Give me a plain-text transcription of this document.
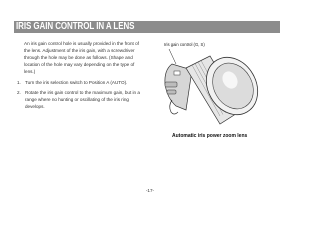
IRIS GAIN CONTROL IN A LENS

An iris gain control hole is usually provided in the front of the lens. Adjustment of the iris gain, with a screwdriver through the hole may be done as follows. (Shape and location of the hole may vary depending on the type of lens.)

1. Turn the iris selection switch to Position A (AUTO).
2. Rotate the iris gain control to the maximum gain, but in a range where no hunting or oscillating of the iris ring develops.
Iris gain control (G, S)
Automatic iris power zoom lens
-17-
